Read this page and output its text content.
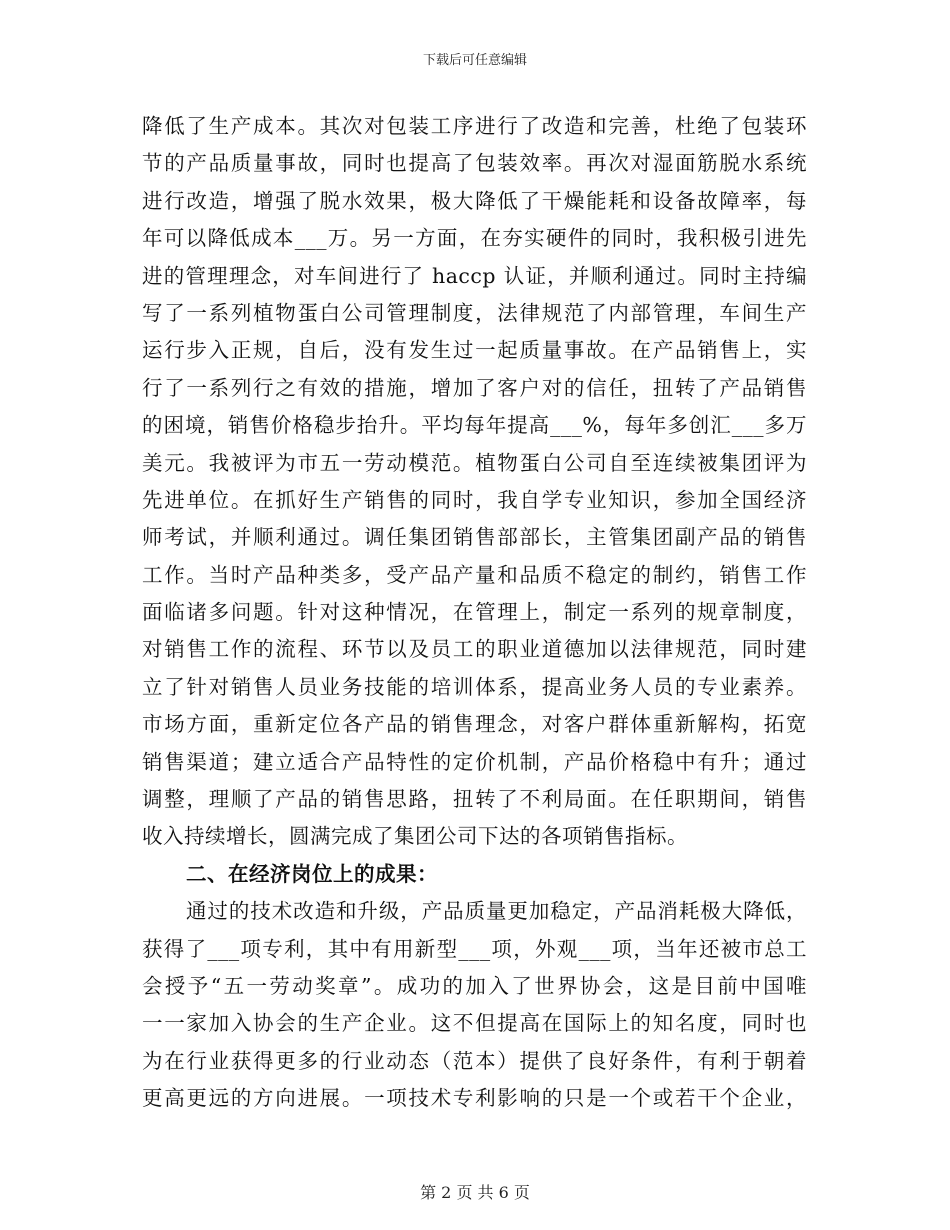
下载后可任意编辑
降低了生产成本。其次对包装工序进行了改造和完善，杜绝了包装环
节的产品质量事故，同时也提高了包装效率。再次对湿面筋脱水系统
进行改造，增强了脱水效果，极大降低了干燥能耗和设备故障率，每
年可以降低成本___万。另一方面，在夯实硬件的同时，我积极引进先
进的管理理念，对车间进行了 haccp 认证，并顺利通过。同时主持编
写了一系列植物蛋白公司管理制度，法律规范了内部管理，车间生产
运行步入正规，自后，没有发生过一起质量事故。在产品销售上，实
行了一系列行之有效的措施，增加了客户对的信任，扭转了产品销售
的困境，销售价格稳步抬升。平均每年提高___%，每年多创汇___多万
美元。我被评为市五一劳动模范。植物蛋白公司自至连续被集团评为
先进单位。在抓好生产销售的同时，我自学专业知识，参加全国经济
师考试，并顺利通过。调任集团销售部部长，主管集团副产品的销售
工作。当时产品种类多，受产品产量和品质不稳定的制约，销售工作
面临诸多问题。针对这种情况，在管理上，制定一系列的规章制度，
对销售工作的流程、环节以及员工的职业道德加以法律规范，同时建
立了针对销售人员业务技能的培训体系，提高业务人员的专业素养。
市场方面，重新定位各产品的销售理念，对客户群体重新解构，拓宽
销售渠道；建立适合产品特性的定价机制，产品价格稳中有升；通过
调整，理顺了产品的销售思路，扭转了不利局面。在任职期间，销售
收入持续增长，圆满完成了集团公司下达的各项销售指标。
二、在经济岗位上的成果：
通过的技术改造和升级，产品质量更加稳定，产品消耗极大降低，
获得了___项专利，其中有用新型___项，外观___项，当年还被市总工
会授予“五一劳动奖章”。成功的加入了世界协会，这是目前中国唯
一一家加入协会的生产企业。这不但提高在国际上的知名度，同时也
为在行业获得更多的行业动态（范本）提供了良好条件，有利于朝着
更高更远的方向进展。一项技术专利影响的只是一个或若干个企业，
第 2 页 共 6 页
